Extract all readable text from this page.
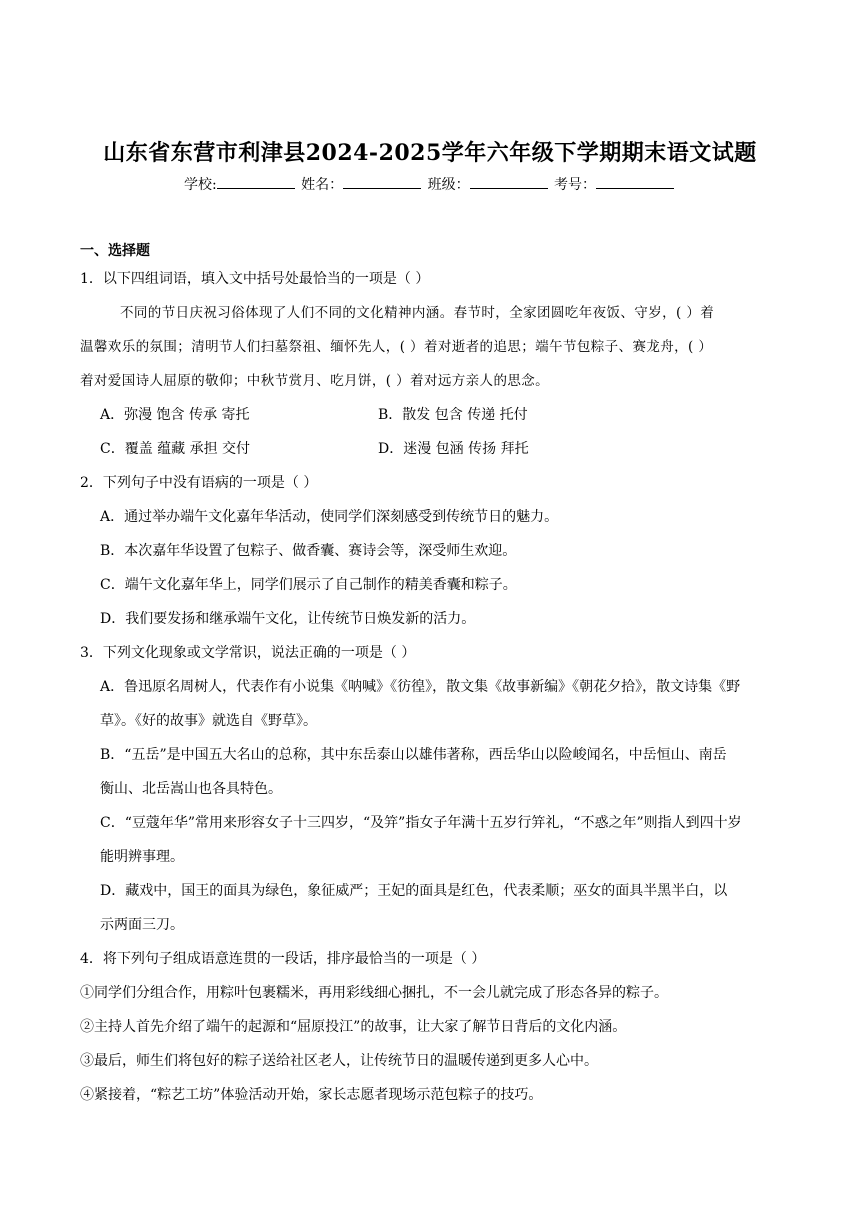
山东省东营市利津县2024-2025学年六年级下学期期末语文试题
学校:	姓名：	班级：	考号：
一、选择题
1．以下四组词语，填入文中括号处最恰当的一项是（ ）
不同的节日庆祝习俗体现了人们不同的文化精神内涵。春节时，全家团圆吃年夜饭、守岁，( ）着
温馨欢乐的氛围；清明节人们扫墓祭祖、缅怀先人，( ）着对逝者的追思；端午节包粽子、赛龙舟，( ）
着对爱国诗人屈原的敬仰；中秋节赏月、吃月饼，( ）着对远方亲人的思念。
A．弥漫 饱含 传承 寄托	B．散发 包含 传递 托付
C．覆盖 蕴藏 承担 交付	D．迷漫 包涵 传扬 拜托
2．下列句子中没有语病的一项是（ ）
A．通过举办端午文化嘉年华活动，使同学们深刻感受到传统节日的魅力。
B．本次嘉年华设置了包粽子、做香囊、赛诗会等，深受师生欢迎。
C．端午文化嘉年华上，同学们展示了自己制作的精美香囊和粽子。
D．我们要发扬和继承端午文化，让传统节日焕发新的活力。
3．下列文化现象或文学常识，说法正确的一项是（ ）
A．鲁迅原名周树人，代表作有小说集《呐喊》《彷徨》，散文集《故事新编》《朝花夕拾》，散文诗集《野
草》。《好的故事》就选自《野草》。
B．“五岳”是中国五大名山的总称，其中东岳泰山以雄伟著称，西岳华山以险峻闻名，中岳恒山、南岳
衡山、北岳嵩山也各具特色。
C．“豆蔻年华”常用来形容女子十三四岁，“及笄”指女子年满十五岁行笄礼，“不惑之年”则指人到四十岁
能明辨事理。
D．藏戏中，国王的面具为绿色，象征威严；王妃的面具是红色，代表柔顺；巫女的面具半黑半白，以
示两面三刀。
4．将下列句子组成语意连贯的一段话，排序最恰当的一项是（ ）
①同学们分组合作，用粽叶包裹糯米，再用彩线细心捆扎，不一会儿就完成了形态各异的粽子。
②主持人首先介绍了端午的起源和“屈原投江”的故事，让大家了解节日背后的文化内涵。
③最后，师生们将包好的粽子送给社区老人，让传统节日的温暖传递到更多人心中。
④紧接着，“粽艺工坊”体验活动开始，家长志愿者现场示范包粽子的技巧。
